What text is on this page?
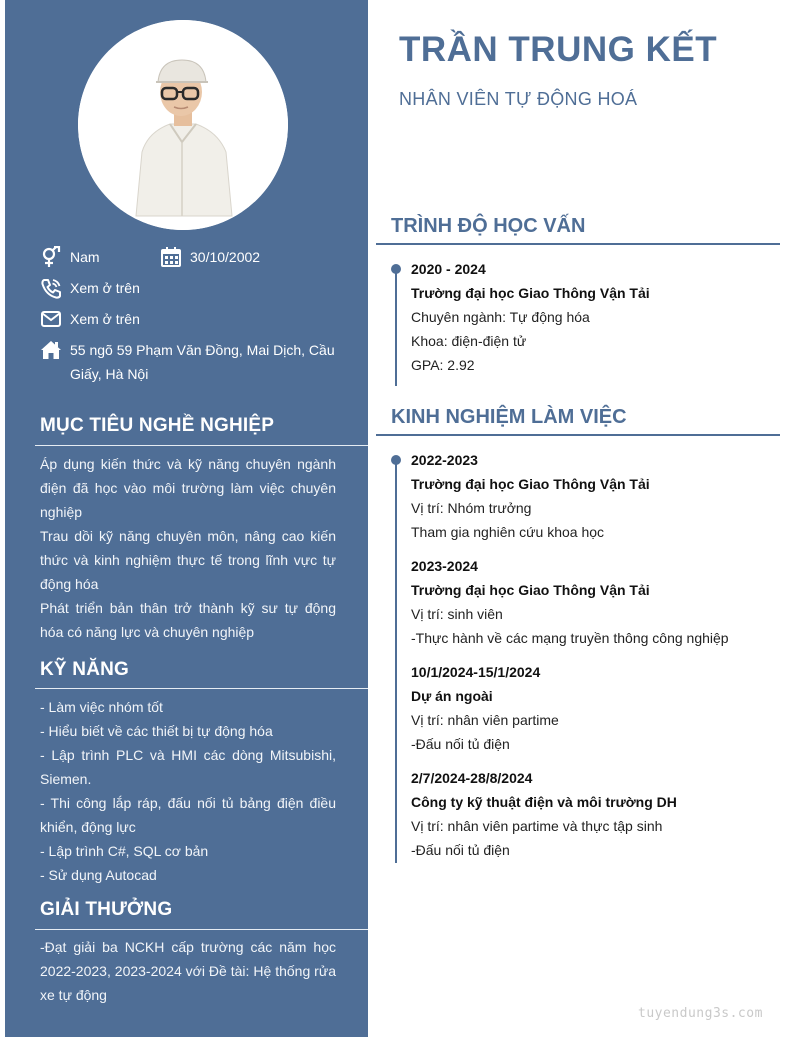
Nam	30/10/2002
Xem ở trên
Xem ở trên
55 ngõ 59 Phạm Văn Đồng, Mai Dịch, Cầu Giấy, Hà Nội
MỤC TIÊU NGHỀ NGHIỆP

Áp dụng kiến thức và kỹ năng chuyên ngành điện đã học vào môi trường làm việc chuyên nghiệp

Trau dồi kỹ năng chuyên môn, nâng cao kiến thức và kinh nghiệm thực tế trong lĩnh vực tự động hóa

Phát triển bản thân trở thành kỹ sư tự động hóa có năng lực và chuyên nghiệp

KỸ NĂNG

- Làm việc nhóm tốt

- Hiểu biết về các thiết bị tự động hóa

- Lập trình PLC và HMI các dòng Mitsubishi, Siemen.

- Thi công lắp ráp, đấu nối tủ bảng điện điều khiển, động lực

- Lập trình C#, SQL cơ bản

- Sử dụng Autocad

GIẢI THƯỞNG
-Đạt giải ba NCKH cấp trường các năm học 2022-2023, 2023-2024 với Đề tài: Hệ thống rửa xe tự động
TRẦN TRUNG KẾT
NHÂN VIÊN TỰ ĐỘNG HOÁ
TRÌNH ĐỘ HỌC VẤN
2020 - 2024
Trường đại học Giao Thông Vận Tải
Chuyên ngành: Tự động hóa
Khoa: điện-điện tử
GPA: 2.92
KINH NGHIỆM LÀM VIỆC
2022-2023
Trường đại học Giao Thông Vận Tải
Vị trí: Nhóm trưởng
Tham gia nghiên cứu khoa học
2023-2024
Trường đại học Giao Thông Vận Tải
Vị trí: sinh viên
-Thực hành về các mạng truyền thông công nghiệp
10/1/2024-15/1/2024
Dự án ngoài
Vị trí: nhân viên partime
-Đấu nối tủ điện
2/7/2024-28/8/2024
Công ty kỹ thuật điện và môi trường DH
Vị trí: nhân viên partime và thực tập sinh
-Đấu nối tủ điện
tuyendung3s.com
